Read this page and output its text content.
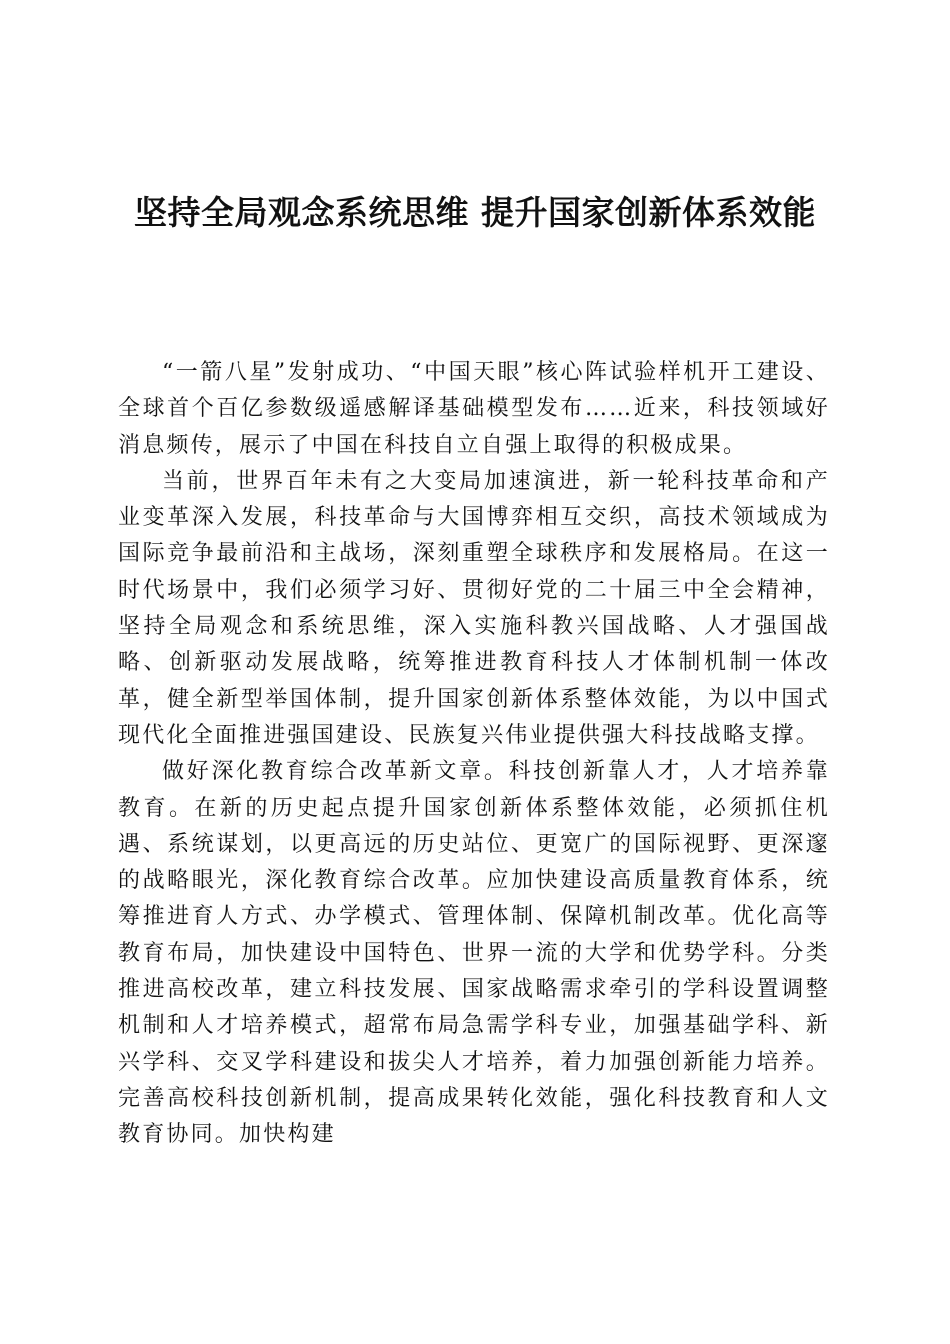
坚持全局观念系统思维 提升国家创新体系效能

“一箭八星”发射成功、“中国天眼”核心阵试验样机开工建设、全球首个百亿参数级遥感解译基础模型发布……近来，科技领域好消息频传，展示了中国在科技自立自强上取得的积极成果。

当前，世界百年未有之大变局加速演进，新一轮科技革命和产业变革深入发展，科技革命与大国博弈相互交织，高技术领域成为国际竞争最前沿和主战场，深刻重塑全球秩序和发展格局。在这一时代场景中，我们必须学习好、贯彻好党的二十届三中全会精神，坚持全局观念和系统思维，深入实施科教兴国战略、人才强国战略、创新驱动发展战略，统筹推进教育科技人才体制机制一体改革，健全新型举国体制，提升国家创新体系整体效能，为以中国式现代化全面推进强国建设、民族复兴伟业提供强大科技战略支撑。

做好深化教育综合改革新文章。科技创新靠人才，人才培养靠教育。在新的历史起点提升国家创新体系整体效能，必须抓住机遇、系统谋划，以更高远的历史站位、更宽广的国际视野、更深邃的战略眼光，深化教育综合改革。应加快建设高质量教育体系，统筹推进育人方式、办学模式、管理体制、保障机制改革。优化高等教育布局，加快建设中国特色、世界一流的大学和优势学科。分类推进高校改革，建立科技发展、国家战略需求牵引的学科设置调整机制和人才培养模式，超常布局急需学科专业，加强基础学科、新兴学科、交叉学科建设和拔尖人才培养，着力加强创新能力培养。完善高校科技创新机制，提高成果转化效能，强化科技教育和人文教育协同。加快构建
